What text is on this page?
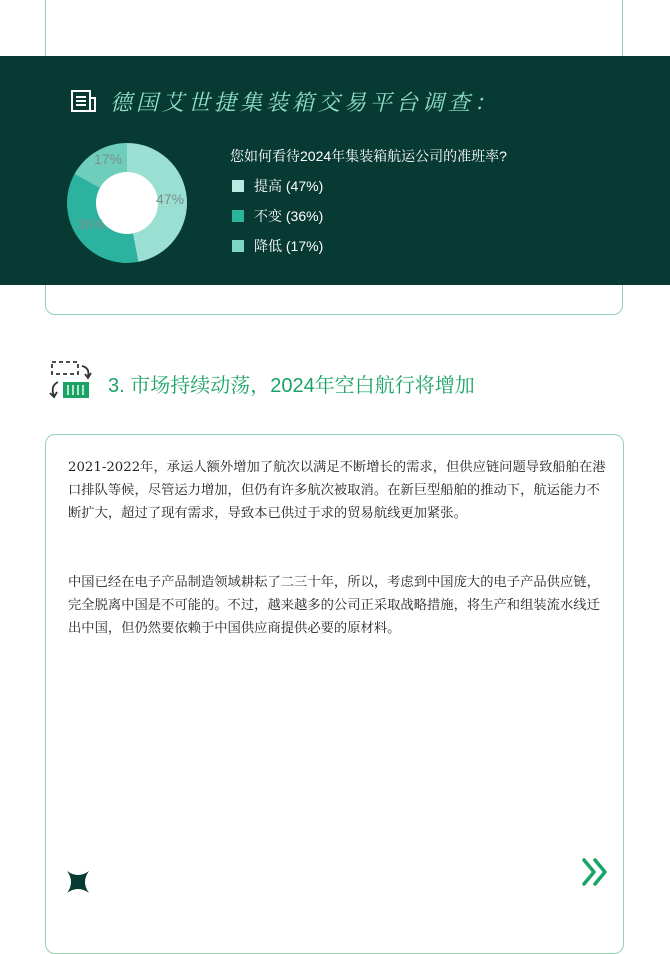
德国艾世捷集装箱交易平台调查：
17%
47%
36%
您如何看待2024年集装箱航运公司的准班率?
提高 (47%)
不变 (36%)
降低 (17%)
3. 市场持续动荡，2024年空白航行将增加

2021-2022年，承运人额外增加了航次以满足不断增长的需求，但供应链问题导致船舶在港口排队等候，尽管运力增加，但仍有许多航次被取消。在新巨型船舶的推动下，航运能力不断扩大，超过了现有需求，导致本已供过于求的贸易航线更加紧张。

中国已经在电子产品制造领域耕耘了二三十年，所以，考虑到中国庞大的电子产品供应链，完全脱离中国是不可能的。不过，越来越多的公司正采取战略措施，将生产和组装流水线迁出中国，但仍然要依赖于中国供应商提供必要的原材料。
